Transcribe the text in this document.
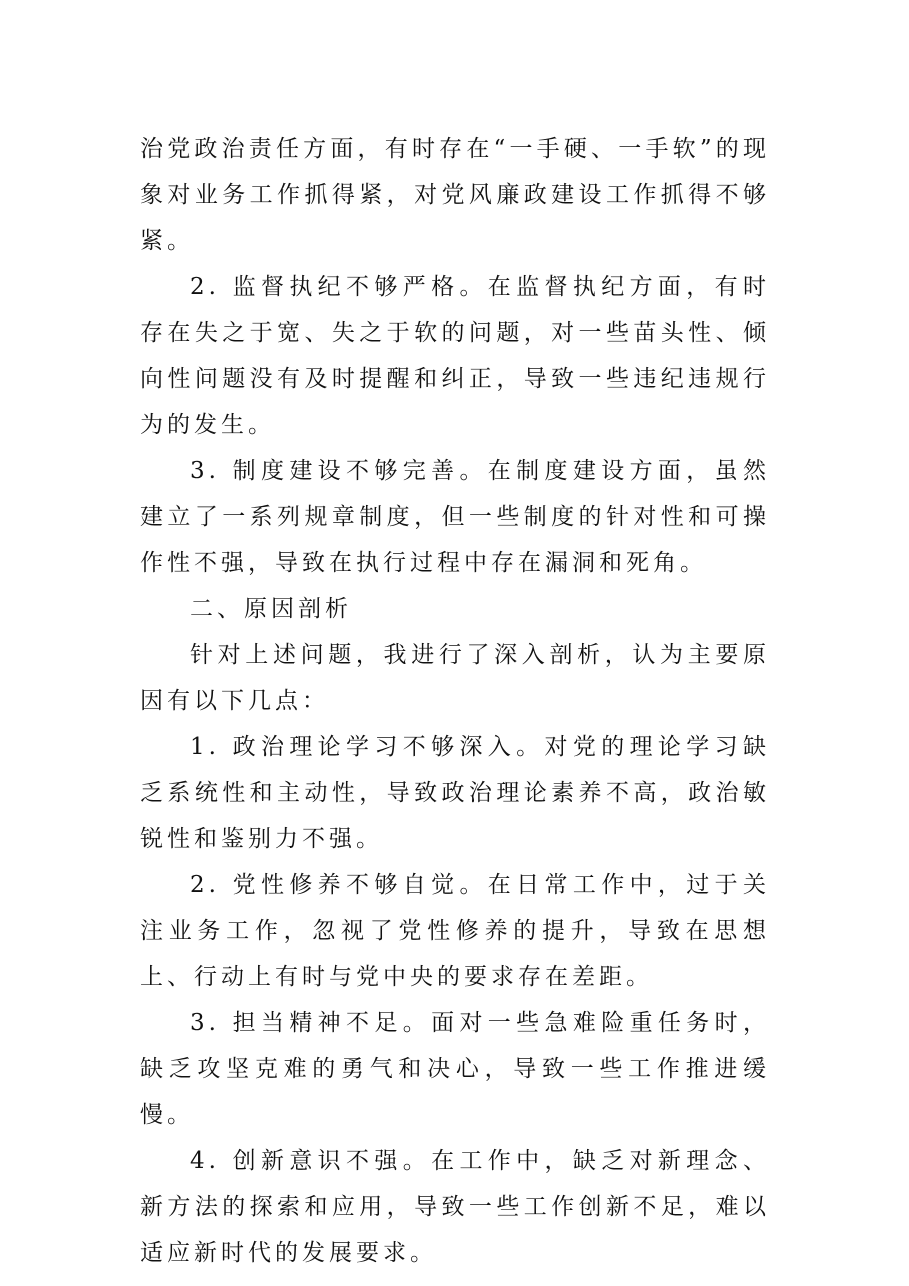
治党政治责任方面，有时存在“一手硬、一手软”的现象对业务工作抓得紧，对党风廉政建设工作抓得不够紧。

2. 监督执纪不够严格。在监督执纪方面，有时存在失之于宽、失之于软的问题，对一些苗头性、倾向性问题没有及时提醒和纠正，导致一些违纪违规行为的发生。

3. 制度建设不够完善。在制度建设方面，虽然建立了一系列规章制度，但一些制度的针对性和可操作性不强，导致在执行过程中存在漏洞和死角。

二、原因剖析

针对上述问题，我进行了深入剖析，认为主要原因有以下几点：

1. 政治理论学习不够深入。对党的理论学习缺乏系统性和主动性，导致政治理论素养不高，政治敏锐性和鉴别力不强。

2. 党性修养不够自觉。在日常工作中，过于关注业务工作，忽视了党性修养的提升，导致在思想上、行动上有时与党中央的要求存在差距。

3. 担当精神不足。面对一些急难险重任务时，缺乏攻坚克难的勇气和决心，导致一些工作推进缓慢。

4. 创新意识不强。在工作中，缺乏对新理念、新方法的探索和应用，导致一些工作创新不足，难以适应新时代的发展要求。
